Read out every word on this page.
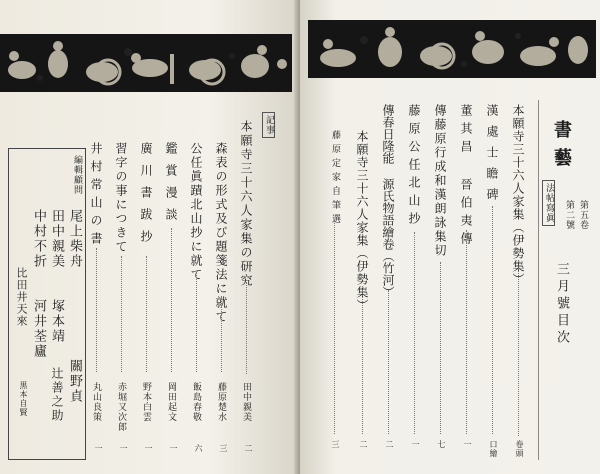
編輯顧問
尾上柴舟
田中親美
中村不折
比田井天來
河井荃廬 塚本靖
關野貞
辻善之助
黒本自賢
記事
本願寺三十六人家集の研究
田中親美
二
森表の形式及び題箋法に就て
藤原楚水
三
公任眞蹟北山抄に就て
飯島春敬
六
鑑賞漫談
岡田起文
一
廣川書跋抄
野本白雲
一
習字の事につきて
赤堀又次郎
一
井村常山の書
丸山良策
一
書藝
第五卷
第二號
三月號目次
法帖寫眞
本願寺三十六人家集（伊勢集）
卷頭
漢處士瞻碑
口繪
董其昌 晉伯夷傳
一
傳藤原行成和漢朗詠集切
七
藤原公任北山抄
一
傳春日隆能 源氏物語繪卷（竹河）
二
本願寺三十六人家集（伊勢集）
二
藤原定家自筆選
三
